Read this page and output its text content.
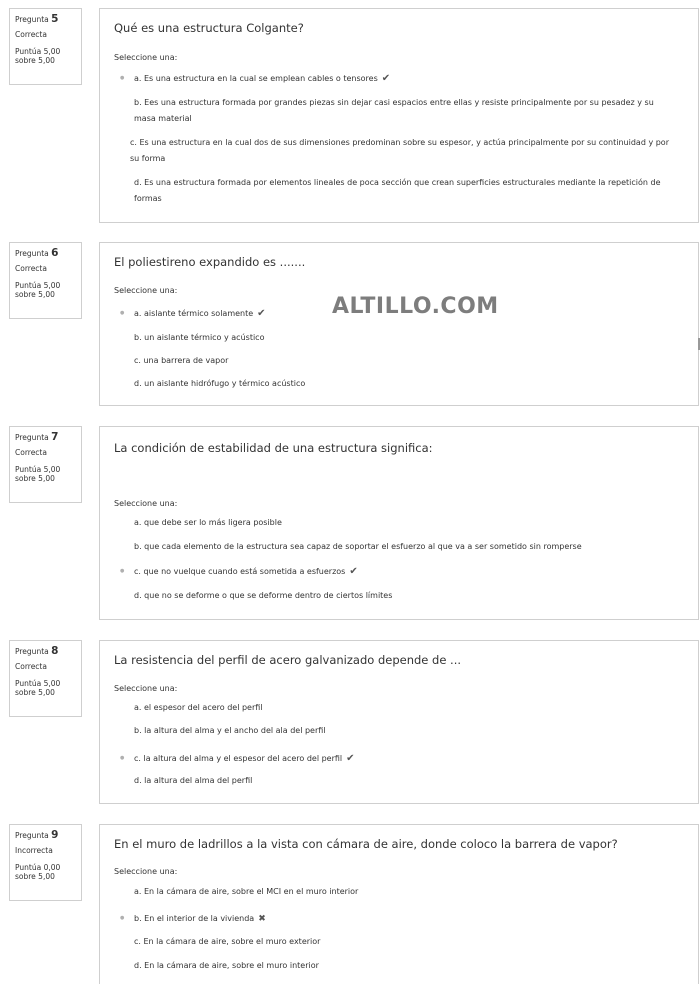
Pregunta 5
Correcta
Puntúa 5,00
sobre 5,00
Qué es una estructura Colgante?
Seleccione una:
● a. Es una estructura en la cual se emplean cables o tensores ✔
b. Ees una estructura formada por grandes piezas sin dejar casi espacios entre ellas y resiste principalmente por su pesadez y su masa material
c. Es una estructura en la cual dos de sus dimensiones predominan sobre su espesor, y actúa principalmente por su continuidad y por su forma
d. Es una estructura formada por elementos lineales de poca sección que crean superficies estructurales mediante la repetición de formas
Pregunta 6
Correcta
Puntúa 5,00
sobre 5,00
El poliestireno expandido es .......
Seleccione una:
● a. aislante térmico solamente ✔
b. un aislante térmico y acústico
c. una barrera de vapor
d. un aislante hidrófugo y térmico acústico
ALTILLO.COM
Pregunta 7
Correcta
Puntúa 5,00
sobre 5,00
La condición de estabilidad de una estructura significa:
Seleccione una:
a. que debe ser lo más ligera posible
b. que cada elemento de la estructura sea capaz de soportar el esfuerzo al que va a ser sometido sin romperse
● c. que no vuelque cuando está sometida a esfuerzos ✔
d. que no se deforme o que se deforme dentro de ciertos límites
Pregunta 8
Correcta
Puntúa 5,00
sobre 5,00
La resistencia del perfil de acero galvanizado depende de ...
Seleccione una:
a. el espesor del acero del perfil
b. la altura del alma y el ancho del ala del perfil
● c. la altura del alma y el espesor del acero del perfil ✔
d. la altura del alma del perfil
Pregunta 9
Incorrecta
Puntúa 0,00
sobre 5,00
En el muro de ladrillos a la vista con cámara de aire, donde coloco la barrera de vapor?
Seleccione una:
a. En la cámara de aire, sobre el MCI en el muro interior
● b. En el interior de la vivienda ✖
c. En la cámara de aire, sobre el muro exterior
d. En la cámara de aire, sobre el muro interior
